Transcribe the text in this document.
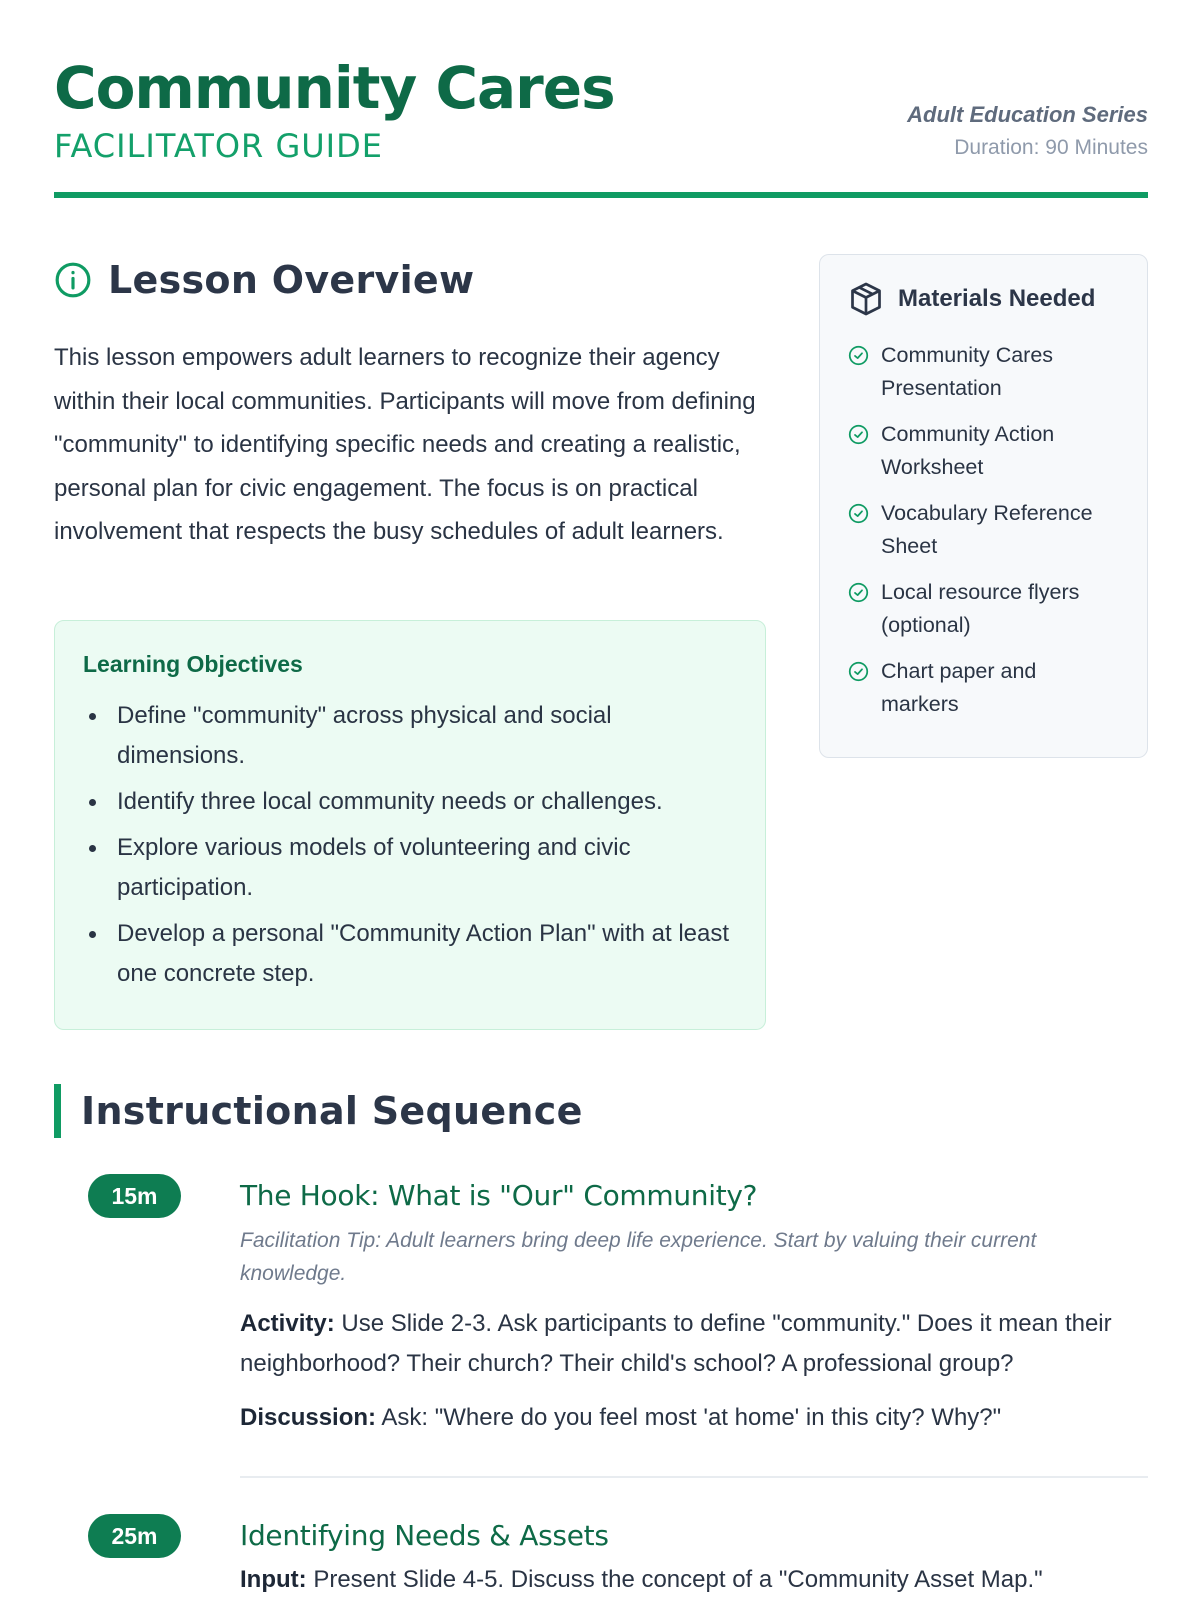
Community Cares
FACILITATOR GUIDE
Adult Education Series
Duration: 90 Minutes
Lesson Overview

This lesson empowers adult learners to recognize their agency within their local communities. Participants will move from defining "community" to identifying specific needs and creating a realistic, personal plan for civic engagement. The focus is on practical involvement that respects the busy schedules of adult learners.

Learning Objectives
Define "community" across physical and social dimensions.
Identify three local community needs or challenges.
Explore various models of volunteering and civic participation.
Develop a personal "Community Action Plan" with at least one concrete step.
Materials Needed
Community Cares Presentation
Community Action Worksheet
Vocabulary Reference Sheet
Local resource flyers (optional)
Chart paper and markers
Instructional Sequence
15m	The Hook: What is "Our" Community?
Facilitation Tip: Adult learners bring deep life experience. Start by valuing their current knowledge.

Activity: Use Slide 2-3. Ask participants to define "community." Does it mean their neighborhood? Their church? Their child's school? A professional group?

Discussion: Ask: "Where do you feel most 'at home' in this city? Why?"

25m	Identifying Needs & Assets

Input: Present Slide 4-5. Discuss the concept of a "Community Asset Map."
